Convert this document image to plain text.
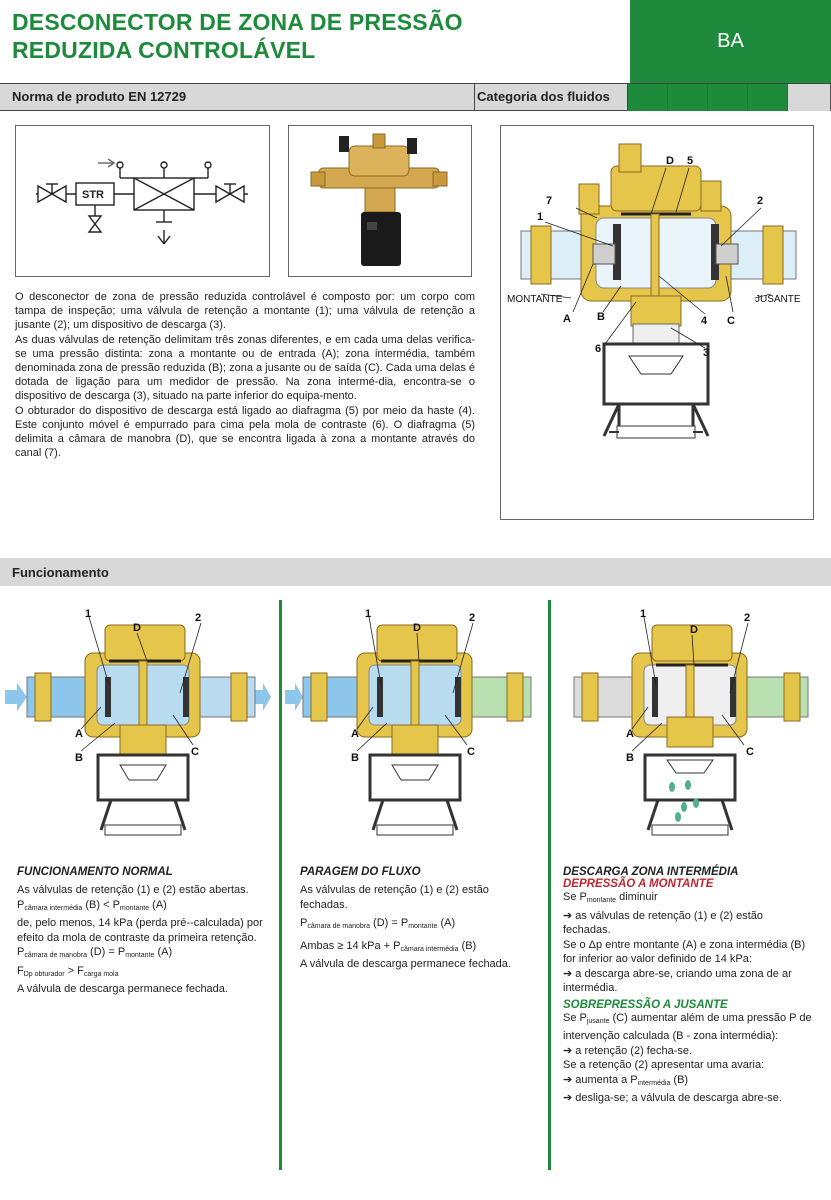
DESCONECTOR DE ZONA DE PRESSÃO
REDUZIDA CONTROLÁVEL	BA
Norma de produto EN 12729	Categoria dos fluidos
STR
D 5
7
1
2
MONTANTE	JUSANTE
A B	4 C
6	3

O desconector de zona de pressão reduzida controlável é composto por: um corpo com tampa de inspeção; uma válvula de retenção a montante (1); uma válvula de retenção a jusante (2); um dispositivo de descarga (3).

As duas válvulas de retenção delimitam três zonas diferentes, e em cada uma delas verifica-se uma pressão distinta: zona a montante ou de entrada (A); zona intermédia, também denominada zona de pressão reduzida (B); zona a jusante ou de saída (C). Cada uma delas é dotada de ligação para um medidor de pressão. Na zona intermé-dia, encontra-se o dispositivo de descarga (3), situado na parte inferior do equipa-mento.

O obturador do dispositivo de descarga está ligado ao diafragma (5) por meio da haste (4). Este conjunto móvel é empurrado para cima pela mola de contraste (6). O diafragma (5) delimita a câmara de manobra (D), que se encontra ligada à zona a montante através do canal (7).

Funcionamento
1
D
2
A
B	C
1
D
2
A
B	C
1
D
2
A
B	C
FUNCIONAMENTO NORMAL

As válvulas de retenção (1) e (2) estão abertas.

$P_{câmara intermédia}$ $(B) < P_{montante}$ (A)

de, pelo menos, 14 kPa (perda pré--calculada) por efeito da mola de contraste da primeira retenção.

$P_{câmara de manobra}$ $(D) = P_{montante}$ (A)

$F_{Dp obturador} > F_{carga mola}$

A válvula de descarga permanece fechada.

PARAGEM DO FLUXO

As válvulas de retenção (1) e (2) estão fechadas.

$P_{câmara de manobra}$ $(D) = P_{montante}$ (A)

Ambas ≥ 14 kPa + $P_{câmara intermédia}$ (B)

A válvula de descarga permanece fechada.

DESCARGA ZONA INTERMÉDIA
DEPRESSÃO A MONTANTE

Se $P_{montante}$ diminuir

➔ as válvulas de retenção (1) e (2) estão fechadas.

Se o Δp entre montante (A) e zona intermédia (B) for inferior ao valor definido de 14 kPa:

➔ a descarga abre-se, criando uma zona de ar intermédia.

SOBREPRESSÃO A JUSANTE

Se $P_{jusante}$ (C) aumentar além de uma pressão P de intervenção calculada (B - zona intermédia):

➔ a retenção (2) fecha-se.

Se a retenção (2) apresentar uma avaria:

➔ aumenta a $P_{intermédia}$ (B)

➔ desliga-se; a válvula de descarga abre-se.
